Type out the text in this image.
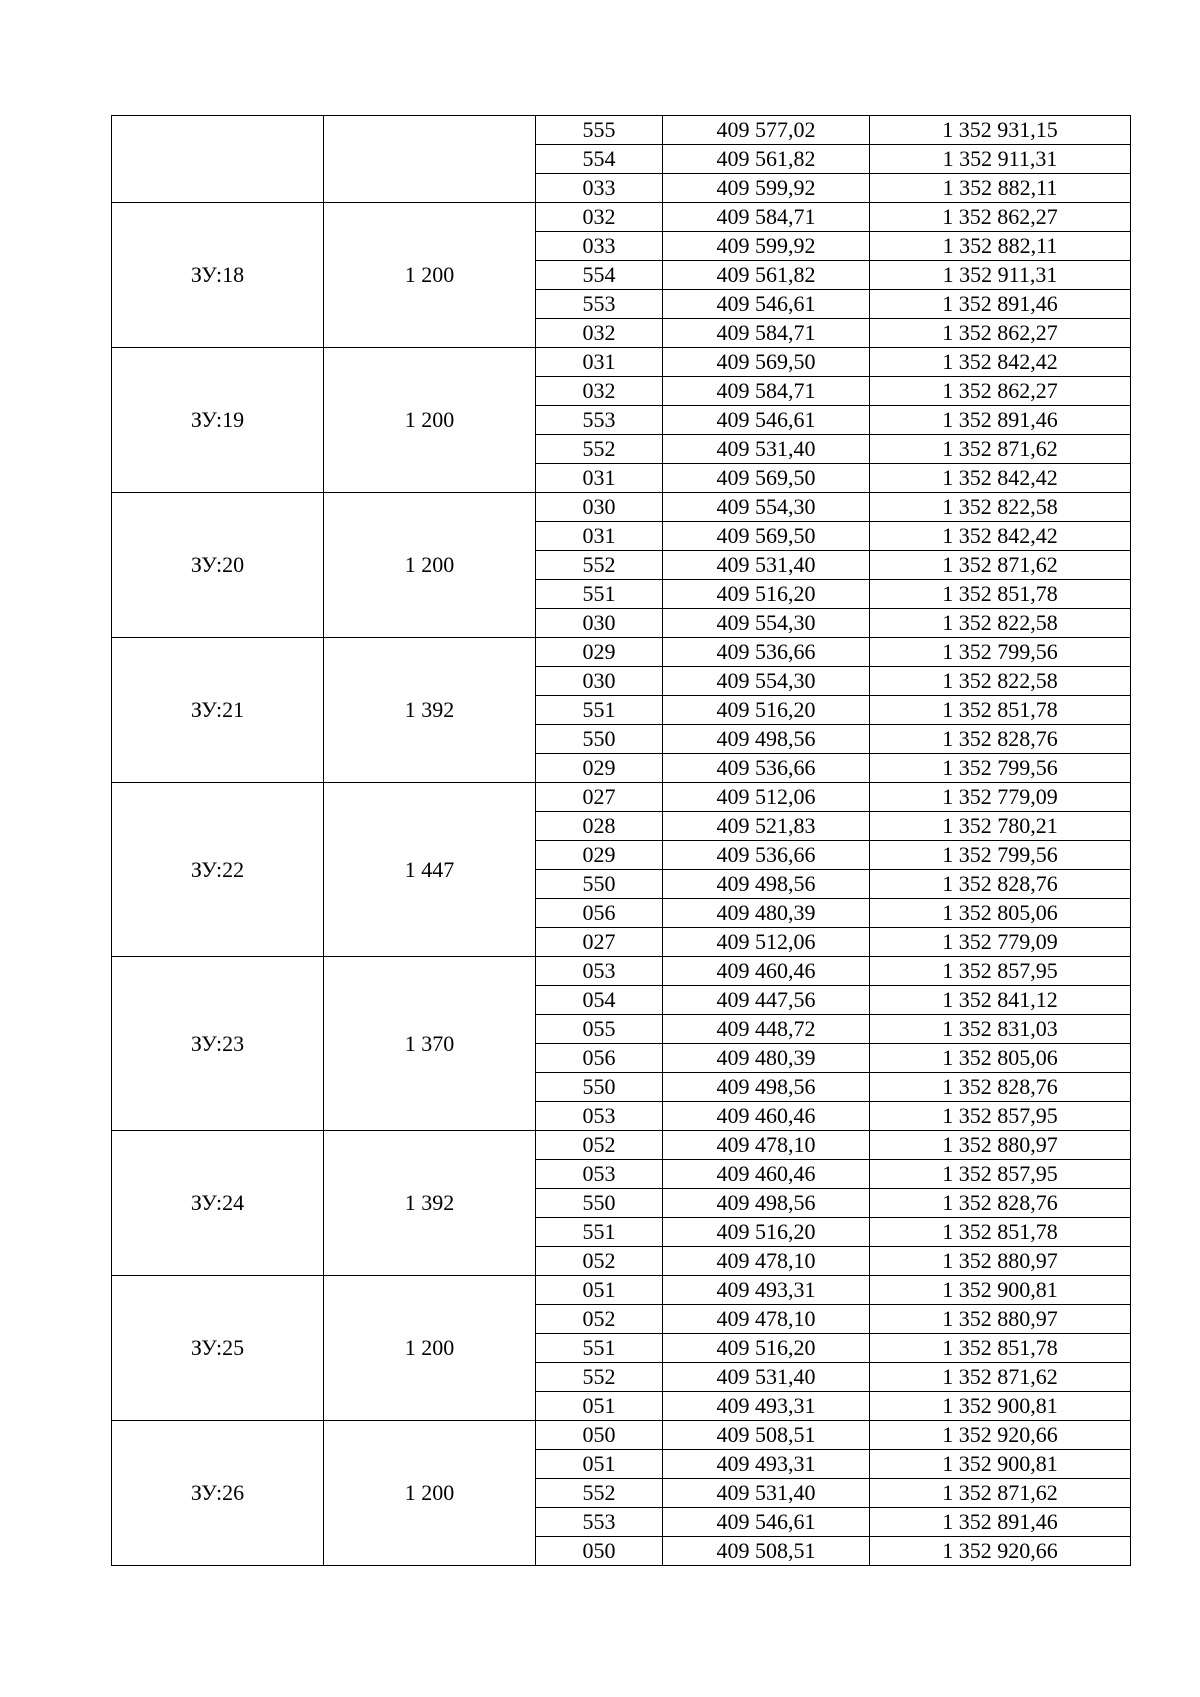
		555	409 577,02	1 352 931,15
		554	409 561,82	1 352 911,31
		033	409 599,92	1 352 882,11
ЗУ:18	1 200	032	409 584,71	1 352 862,27
		033	409 599,92	1 352 882,11
		554	409 561,82	1 352 911,31
		553	409 546,61	1 352 891,46
		032	409 584,71	1 352 862,27
ЗУ:19	1 200	031	409 569,50	1 352 842,42
		032	409 584,71	1 352 862,27
		553	409 546,61	1 352 891,46
		552	409 531,40	1 352 871,62
		031	409 569,50	1 352 842,42
ЗУ:20	1 200	030	409 554,30	1 352 822,58
		031	409 569,50	1 352 842,42
		552	409 531,40	1 352 871,62
		551	409 516,20	1 352 851,78
		030	409 554,30	1 352 822,58
ЗУ:21	1 392	029	409 536,66	1 352 799,56
		030	409 554,30	1 352 822,58
		551	409 516,20	1 352 851,78
		550	409 498,56	1 352 828,76
		029	409 536,66	1 352 799,56
ЗУ:22	1 447	027	409 512,06	1 352 779,09
		028	409 521,83	1 352 780,21
		029	409 536,66	1 352 799,56
		550	409 498,56	1 352 828,76
		056	409 480,39	1 352 805,06
		027	409 512,06	1 352 779,09
ЗУ:23	1 370	053	409 460,46	1 352 857,95
		054	409 447,56	1 352 841,12
		055	409 448,72	1 352 831,03
		056	409 480,39	1 352 805,06
		550	409 498,56	1 352 828,76
		053	409 460,46	1 352 857,95
ЗУ:24	1 392	052	409 478,10	1 352 880,97
		053	409 460,46	1 352 857,95
		550	409 498,56	1 352 828,76
		551	409 516,20	1 352 851,78
		052	409 478,10	1 352 880,97
ЗУ:25	1 200	051	409 493,31	1 352 900,81
		052	409 478,10	1 352 880,97
		551	409 516,20	1 352 851,78
		552	409 531,40	1 352 871,62
		051	409 493,31	1 352 900,81
ЗУ:26	1 200	050	409 508,51	1 352 920,66
		051	409 493,31	1 352 900,81
		552	409 531,40	1 352 871,62
		553	409 546,61	1 352 891,46
		050	409 508,51	1 352 920,66
